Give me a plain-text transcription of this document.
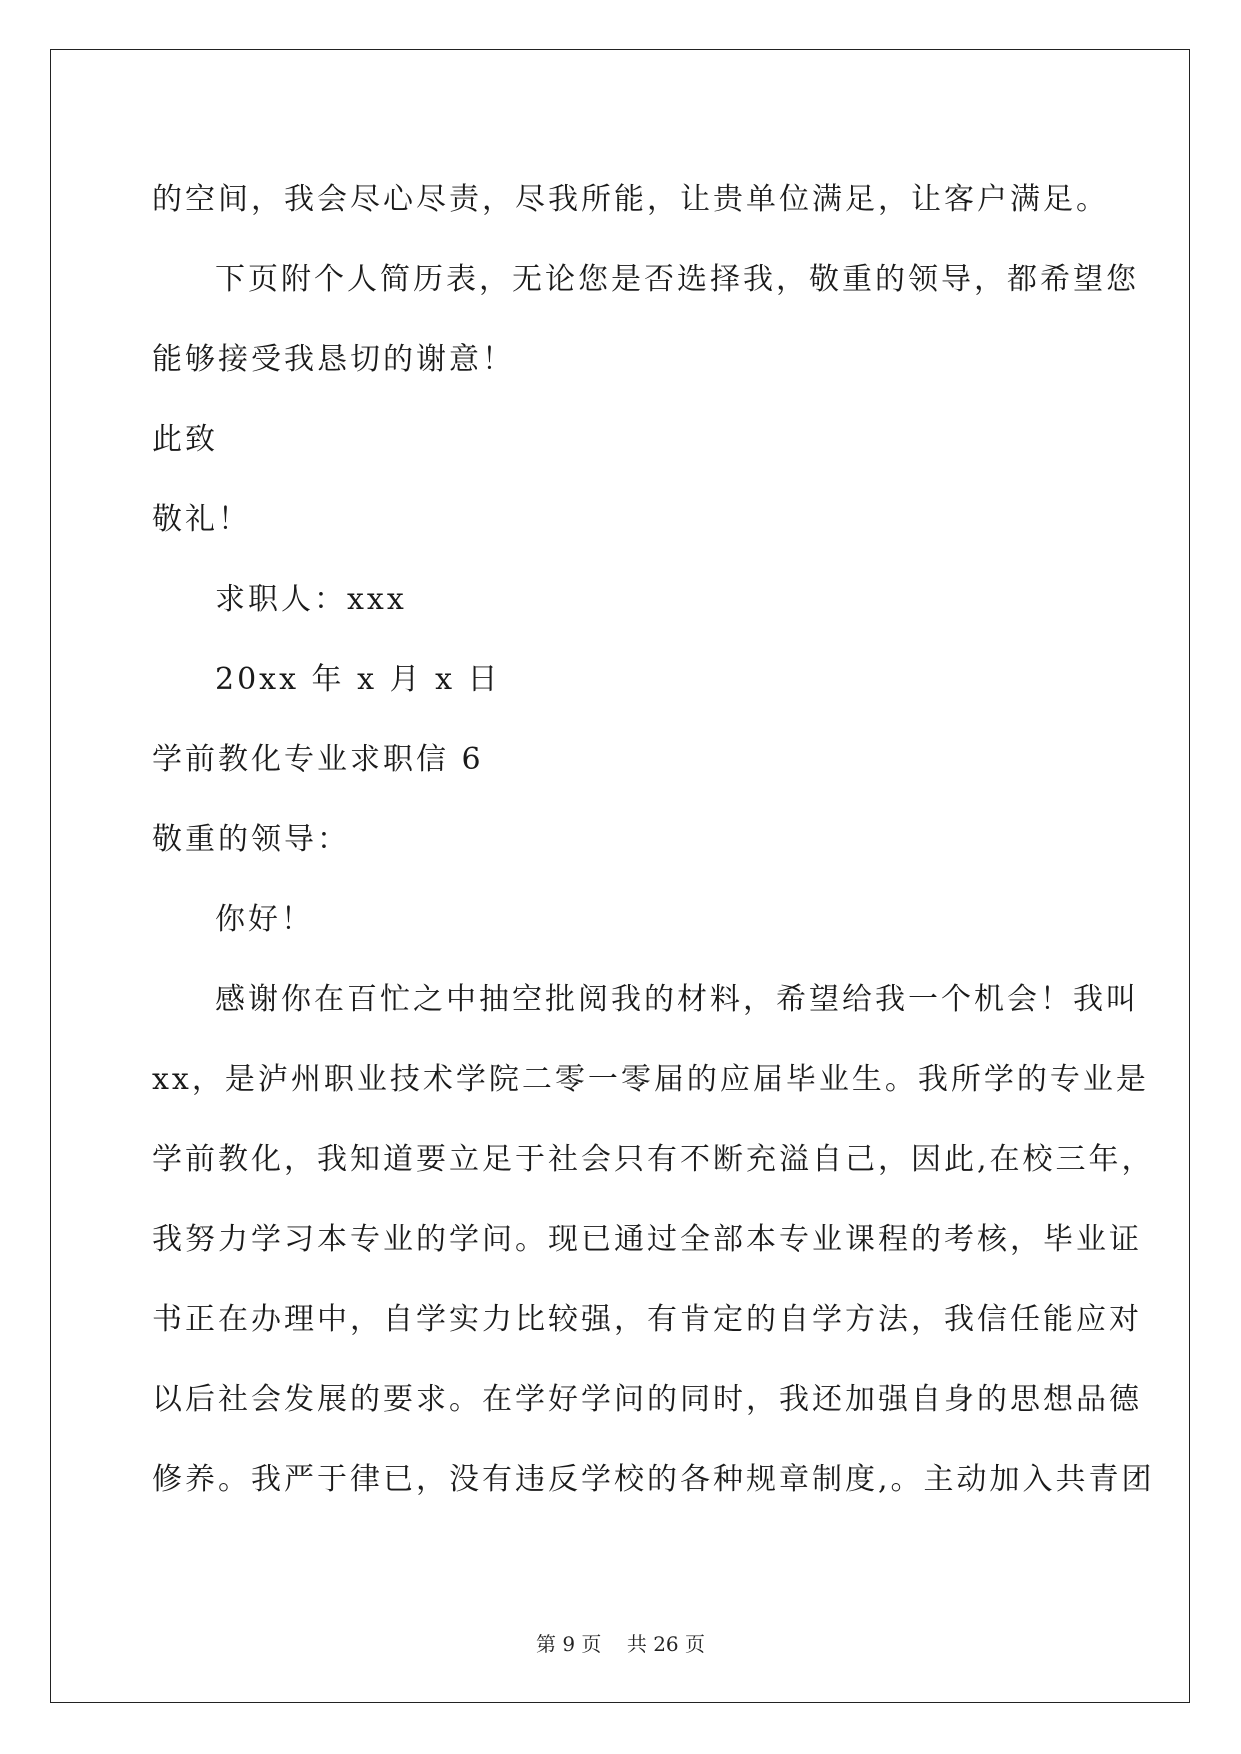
的空间，我会尽心尽责，尽我所能，让贵单位满足，让客户满足。
下页附个人简历表，无论您是否选择我，敬重的领导，都希望您
能够接受我恳切的谢意！
此致
敬礼！
求职人：xxx
20xx 年 x 月 x 日
学前教化专业求职信 6
敬重的领导：
你好！
感谢你在百忙之中抽空批阅我的材料，希望给我一个机会！我叫
xx，是泸州职业技术学院二零一零届的应届毕业生。我所学的专业是
学前教化，我知道要立足于社会只有不断充溢自己，因此,在校三年，
我努力学习本专业的学问。现已通过全部本专业课程的考核，毕业证
书正在办理中，自学实力比较强，有肯定的自学方法，我信任能应对
以后社会发展的要求。在学好学问的同时，我还加强自身的思想品德
修养。我严于律已，没有违反学校的各种规章制度,。主动加入共青团
第 9 页    共 26 页
